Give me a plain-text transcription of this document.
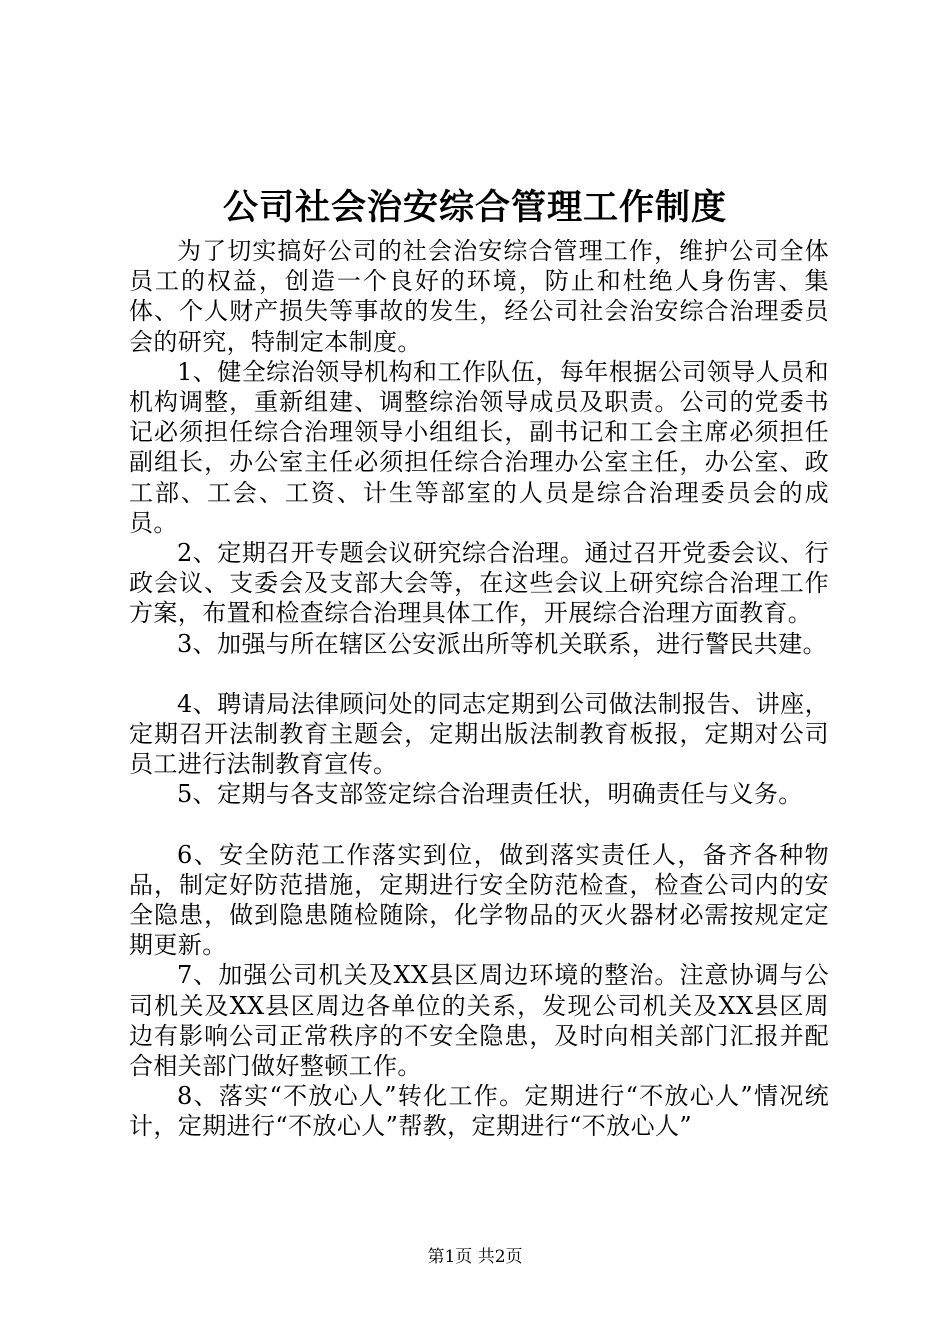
公司社会治安综合管理工作制度

为了切实搞好公司的社会治安综合管理工作，维护公司全体员工的权益，创造一个良好的环境，防止和杜绝人身伤害、集体、个人财产损失等事故的发生，经公司社会治安综合治理委员会的研究，特制定本制度。

1、健全综治领导机构和工作队伍，每年根据公司领导人员和机构调整，重新组建、调整综治领导成员及职责。公司的党委书记必须担任综合治理领导小组组长，副书记和工会主席必须担任副组长，办公室主任必须担任综合治理办公室主任，办公室、政工部、工会、工资、计生等部室的人员是综合治理委员会的成员。

2、定期召开专题会议研究综合治理。通过召开党委会议、行政会议、支委会及支部大会等，在这些会议上研究综合治理工作方案，布置和检查综合治理具体工作，开展综合治理方面教育。

3、加强与所在辖区公安派出所等机关联系，进行警民共建。

4、聘请局法律顾问处的同志定期到公司做法制报告、讲座，定期召开法制教育主题会，定期出版法制教育板报，定期对公司员工进行法制教育宣传。

5、定期与各支部签定综合治理责任状，明确责任与义务。

6、安全防范工作落实到位，做到落实责任人，备齐各种物品，制定好防范措施，定期进行安全防范检查，检查公司内的安全隐患，做到隐患随检随除，化学物品的灭火器材必需按规定定期更新。

7、加强公司机关及XX县区周边环境的整治。注意协调与公司机关及XX县区周边各单位的关系，发现公司机关及XX县区周边有影响公司正常秩序的不安全隐患，及时向相关部门汇报并配合相关部门做好整顿工作。

8、落实“不放心人”转化工作。定期进行“不放心人”情况统计，定期进行“不放心人”帮教，定期进行“不放心人”

第1页 共2页
